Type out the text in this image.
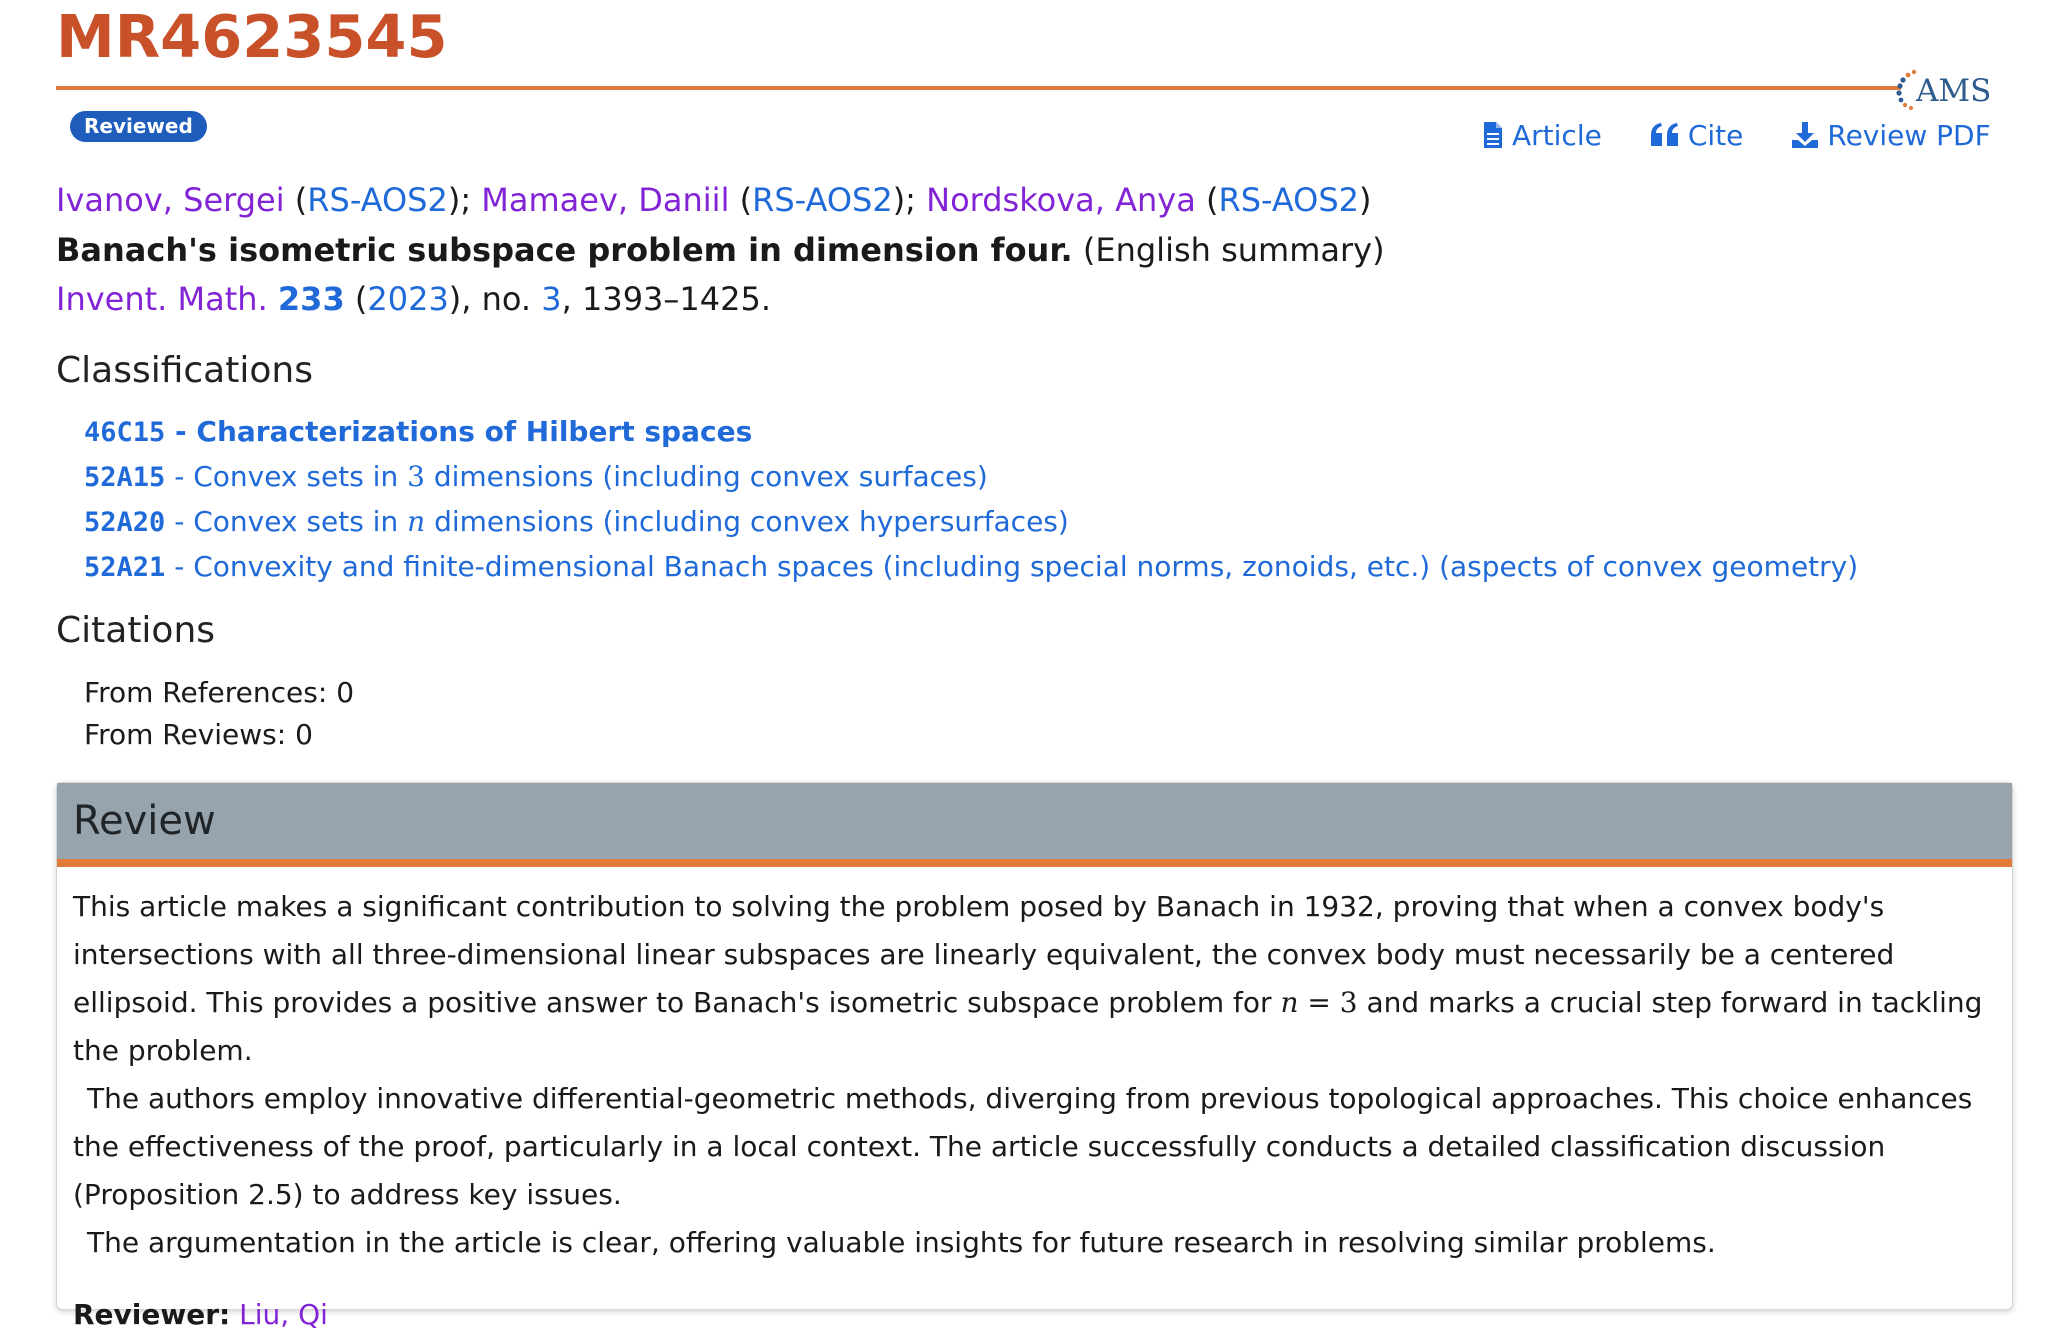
MR4623545
AMS
Reviewed	Article	Cite	Review PDF
Ivanov, Sergei (RS-AOS2); Mamaev, Daniil (RS-AOS2); Nordskova, Anya (RS-AOS2)
Banach's isometric subspace problem in dimension four. (English summary)
Invent. Math. 233 (2023), no. 3, 1393–1425.
Classifications
46C15 - Characterizations of Hilbert spaces
52A15 - Convex sets in 3 dimensions (including convex surfaces)
52A20 - Convex sets in n dimensions (including convex hypersurfaces)
52A21 - Convexity and finite-dimensional Banach spaces (including special norms, zonoids, etc.) (aspects of convex geometry)
Citations
From References: 0
From Reviews: 0
Review

This article makes a significant contribution to solving the problem posed by Banach in 1932, proving that when a convex body's intersections with all three-dimensional linear subspaces are linearly equivalent, the convex body must necessarily be a centered ellipsoid. This provides a positive answer to Banach's isometric subspace problem for n = 3 and marks a crucial step forward in tackling the problem.

The authors employ innovative differential-geometric methods, diverging from previous topological approaches. This choice enhances the effectiveness of the proof, particularly in a local context. The article successfully conducts a detailed classification discussion (Proposition 2.5) to address key issues.

The argumentation in the article is clear, offering valuable insights for future research in resolving similar problems.

Reviewer: Liu, Qi
